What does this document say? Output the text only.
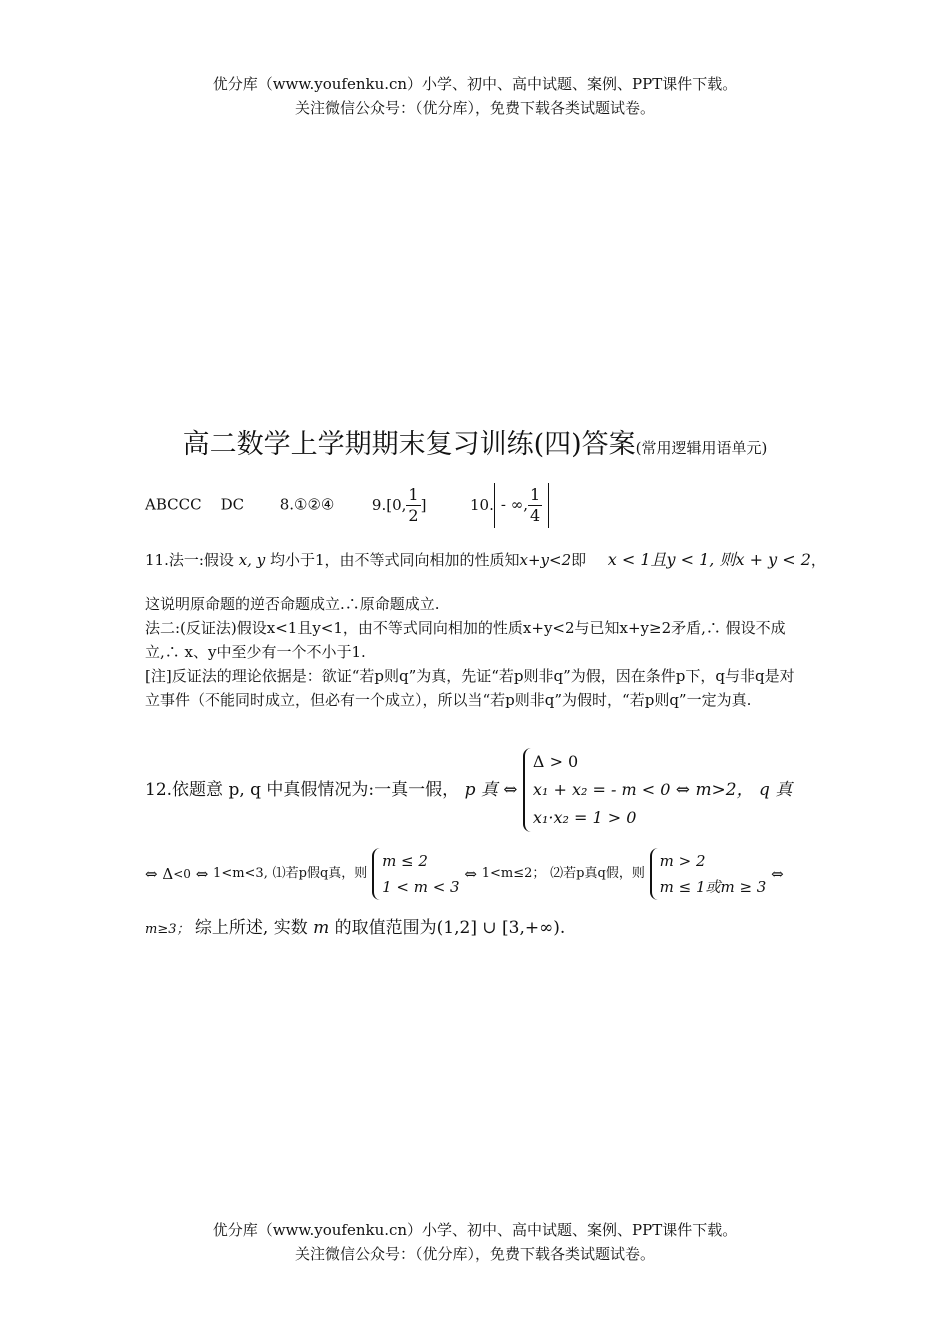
优分库（www.youfenku.cn）小学、初中、高中试题、案例、PPT课件下载。
关注微信公众号：（优分库），免费下载各类试题试卷。
高二数学上学期期末复习训练(四)答案(常用逻辑用语单元)
ABCCC    DC 8.①②④	9.[0, $\frac{1}{2}$ ]	10. - ∞, $\frac{1}{4}$
11.法一:假设 x, y 均小于1，由不等式同向相加的性质知x+y<2即 x < 1且y < 1, 则x + y < 2，

这说明原命题的逆否命题成立.∴原命题成立.

法二:(反证法)假设x<1且y<1，由不等式同向相加的性质x+y<2与已知x+y≥2矛盾,∴ 假设不成立,∴ x、y中至少有一个不小于1.

[注]反证法的理论依据是：欲证“若p则q”为真，先证“若p则非q”为假，因在条件p下，q与非q是对立事件（不能同时成立，但必有一个成立），所以当“若p则非q”为假时，“若p则q”一定为真.

12.依题意 p, q 中真假情况为:一真一假， p 真 ⇔
Δ > 0
x₁ + x₂ = - m < 0
x₁·x₂ = 1 > 0
⇔ m>2， q 真
⇔ Δ<0 ⇔ 1<m<3, ⑴若p假q真，则
m ≤ 2
1 < m < 3
⇔ 1<m≤2； ⑵若p真q假，则
m > 2
m ≤ 1或m ≥ 3
⇔
m≥3； 综上所述, 实数 m 的取值范围为(1,2] ∪ [3,+∞).
优分库（www.youfenku.cn）小学、初中、高中试题、案例、PPT课件下载。
关注微信公众号：（优分库），免费下载各类试题试卷。
